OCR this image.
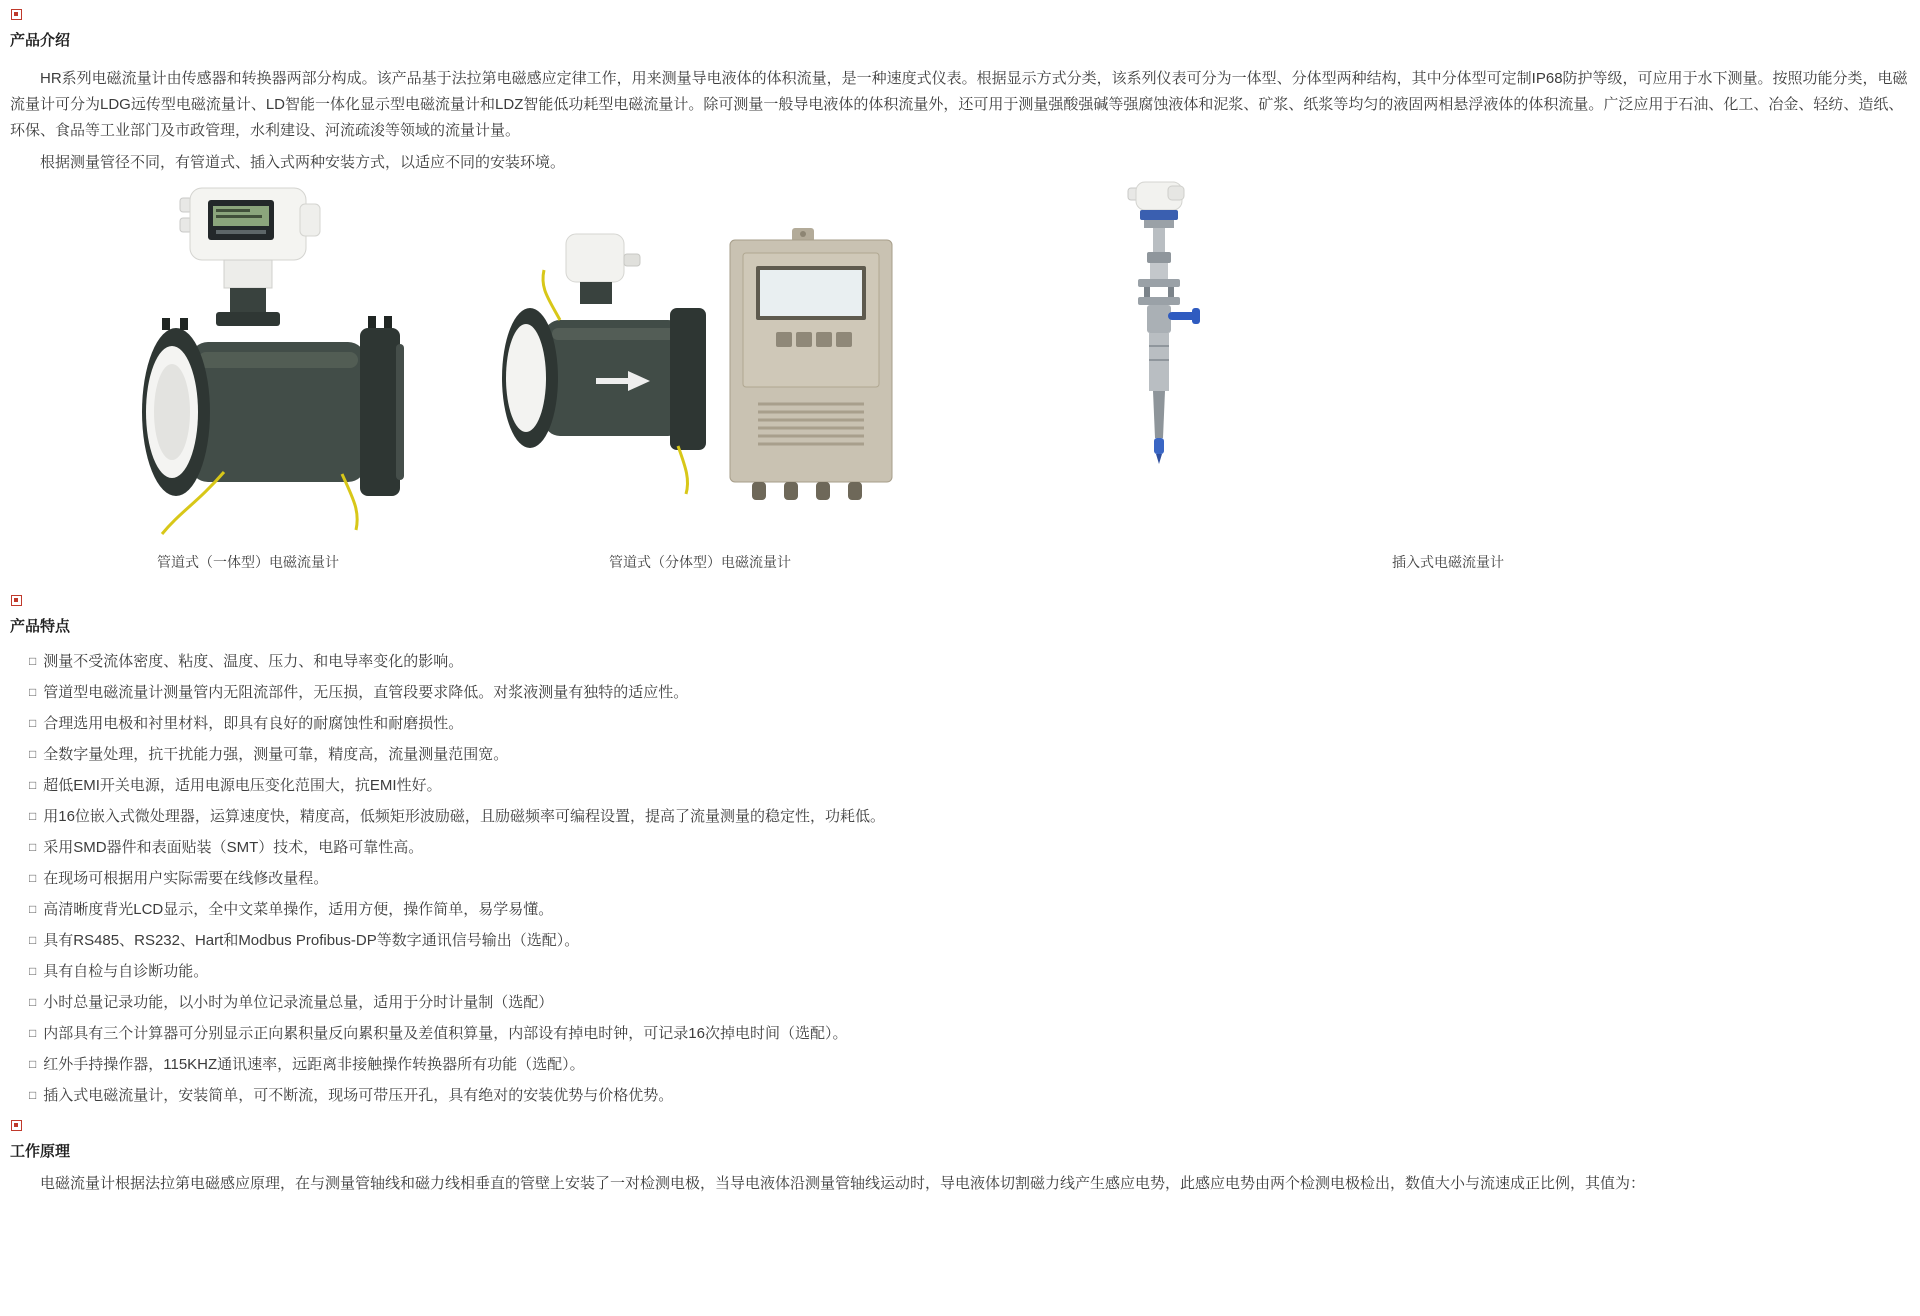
产品介绍

HR系列电磁流量计由传感器和转换器两部分构成。该产品基于法拉第电磁感应定律工作，用来测量导电液体的体积流量，是一种速度式仪表。根据显示方式分类，该系列仪表可分为一体型、分体型两种结构，其中分体型可定制IP68防护等级，可应用于水下测量。按照功能分类，电磁流量计可分为LDG远传型电磁流量计、LD智能一体化显示型电磁流量计和LDZ智能低功耗型电磁流量计。除可测量一般导电液体的体积流量外，还可用于测量强酸强碱等强腐蚀液体和泥浆、矿浆、纸浆等均匀的液固两相悬浮液体的体积流量。广泛应用于石油、化工、冶金、轻纺、造纸、环保、食品等工业部门及市政管理，水利建设、河流疏浚等领域的流量计量。

根据测量管径不同，有管道式、插入式两种安装方式，以适应不同的安装环境。

管道式（一体型）电磁流量计	管道式（分体型）电磁流量计	插入式电磁流量计
产品特点
□ 测量不受流体密度、粘度、温度、压力、和电导率变化的影响。
□ 管道型电磁流量计测量管内无阻流部件，无压损，直管段要求降低。对浆液测量有独特的适应性。
□ 合理选用电极和衬里材料，即具有良好的耐腐蚀性和耐磨损性。
□ 全数字量处理，抗干扰能力强，测量可靠，精度高，流量测量范围宽。
□ 超低EMI开关电源，适用电源电压变化范围大，抗EMI性好。
□ 用16位嵌入式微处理器，运算速度快，精度高，低频矩形波励磁，且励磁频率可编程设置，提高了流量测量的稳定性，功耗低。
□ 采用SMD器件和表面贴装（SMT）技术，电路可靠性高。
□ 在现场可根据用户实际需要在线修改量程。
□ 高清晰度背光LCD显示，全中文菜单操作，适用方便，操作简单，易学易懂。
□ 具有RS485、RS232、Hart和Modbus Profibus-DP等数字通讯信号输出（选配）。
□ 具有自检与自诊断功能。
□ 小时总量记录功能，以小时为单位记录流量总量，适用于分时计量制（选配）
□ 内部具有三个计算器可分别显示正向累积量反向累积量及差值积算量，内部设有掉电时钟，可记录16次掉电时间（选配）。
□ 红外手持操作器，115KHZ通讯速率，远距离非接触操作转换器所有功能（选配）。
□ 插入式电磁流量计，安装简单，可不断流，现场可带压开孔，具有绝对的安装优势与价格优势。
工作原理

电磁流量计根据法拉第电磁感应原理，在与测量管轴线和磁力线相垂直的管壁上安装了一对检测电极，当导电液体沿测量管轴线运动时，导电液体切割磁力线产生感应电势，此感应电势由两个检测电极检出，数值大小与流速成正比例，其值为：
